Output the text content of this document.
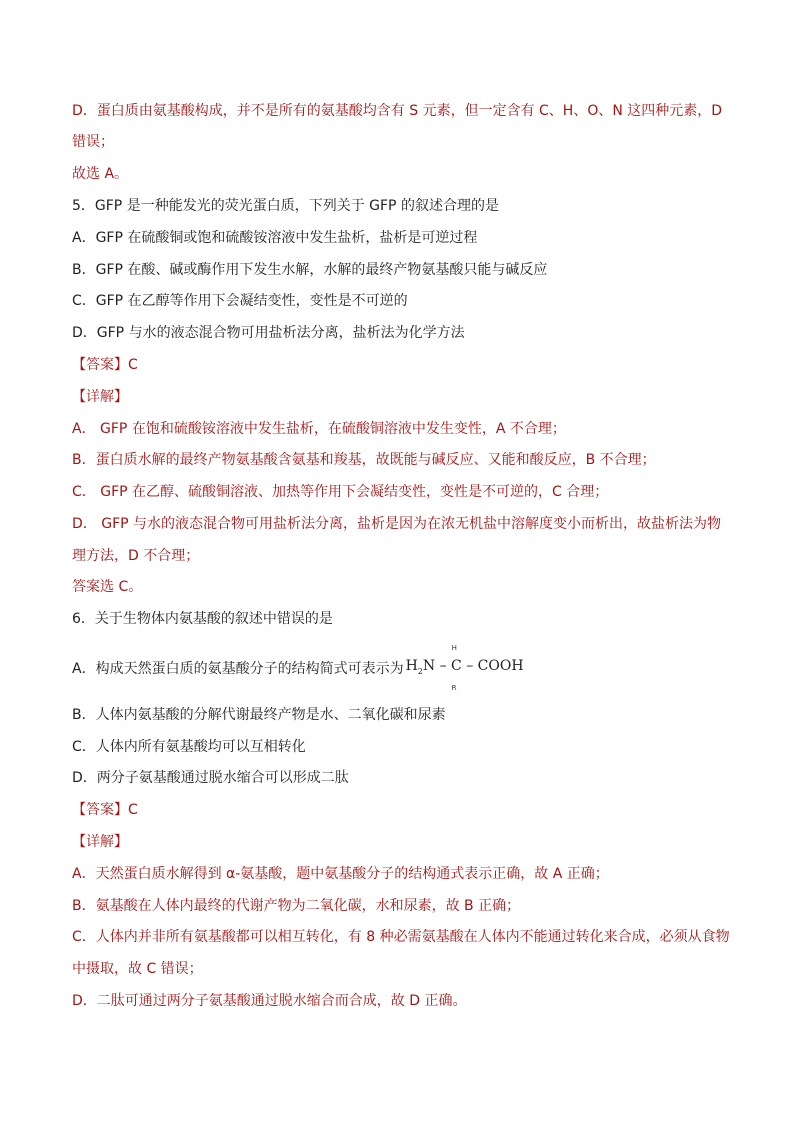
D．蛋白质由氨基酸构成，并不是所有的氨基酸均含有 S 元素，但一定含有 C、H、O、N 这四种元素，D
错误；
故选 A。
5．GFP 是一种能发光的荧光蛋白质，下列关于 GFP 的叙述合理的是
A．GFP 在硫酸铜或饱和硫酸铵溶液中发生盐析，盐析是可逆过程
B．GFP 在酸、碱或酶作用下发生水解，水解的最终产物氨基酸只能与碱反应
C．GFP 在乙醇等作用下会凝结变性，变性是不可逆的
D．GFP 与水的液态混合物可用盐析法分离，盐析法为化学方法
【答案】C
【详解】
A． GFP 在饱和硫酸铵溶液中发生盐析，在硫酸铜溶液中发生变性，A 不合理；
B．蛋白质水解的最终产物氨基酸含氨基和羧基，故既能与碱反应、又能和酸反应，B 不合理；
C． GFP 在乙醇、硫酸铜溶液、加热等作用下会凝结变性，变性是不可逆的，C 合理；
D． GFP 与水的液态混合物可用盐析法分离，盐析是因为在浓无机盐中溶解度变小而析出，故盐析法为物
理方法，D 不合理；
答案选 C。
6．关于生物体内氨基酸的叙述中错误的是
A．构成天然蛋白质的氨基酸分子的结构简式可表示为
H
$H_2N$ – C – COOH
R
B．人体内氨基酸的分解代谢最终产物是水、二氧化碳和尿素
C．人体内所有氨基酸均可以互相转化
D．两分子氨基酸通过脱水缩合可以形成二肽
【答案】C
【详解】
A．天然蛋白质水解得到 α-氨基酸，题中氨基酸分子的结构通式表示正确，故 A 正确；
B．氨基酸在人体内最终的代谢产物为二氧化碳，水和尿素，故 B 正确；
C．人体内并非所有氨基酸都可以相互转化，有 8 种必需氨基酸在人体内不能通过转化来合成，必须从食物
中摄取，故 C 错误；
D．二肽可通过两分子氨基酸通过脱水缩合而合成，故 D 正确。
